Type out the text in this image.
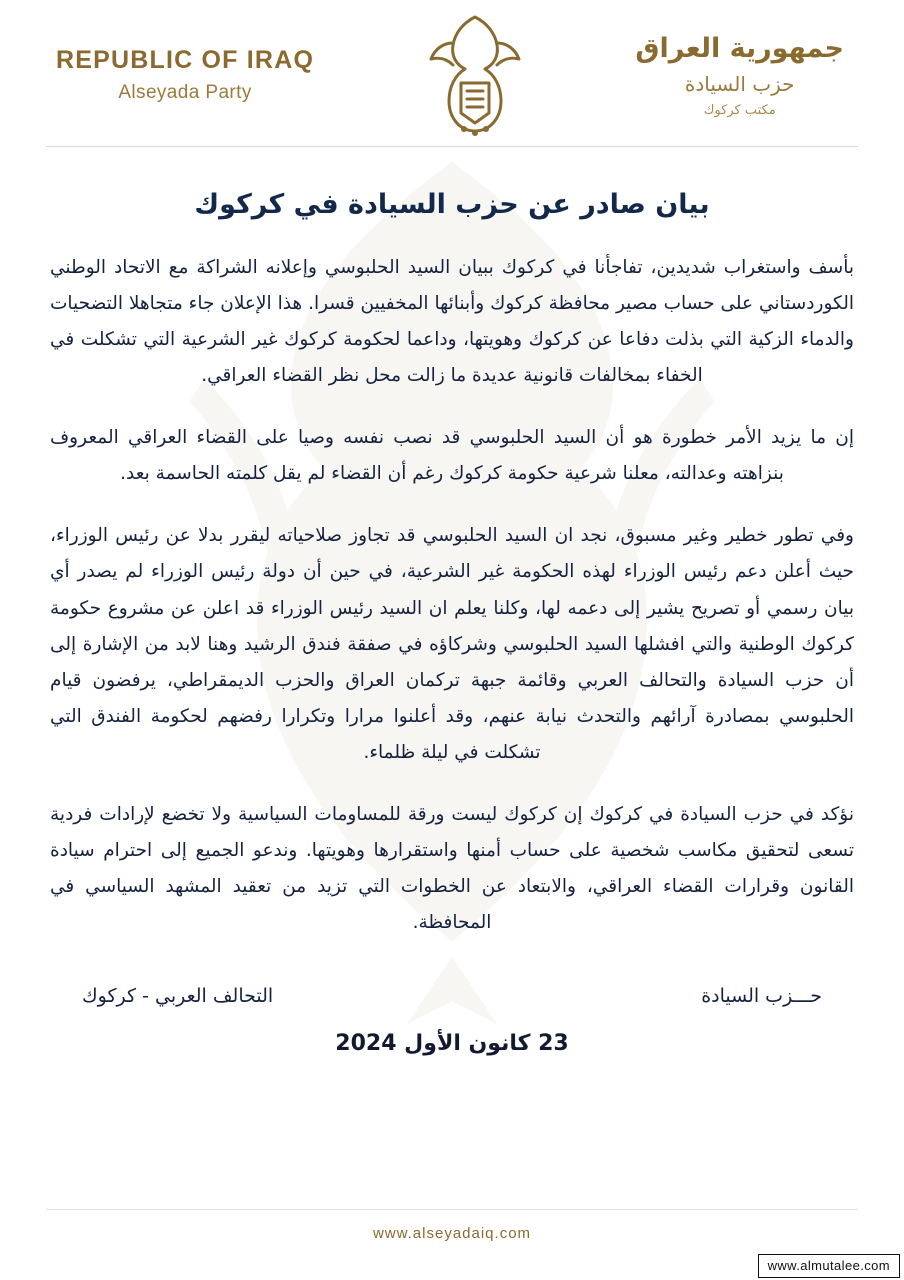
REPUBLIC OF IRAQ
Alseyada Party
جمهورية العراق
حزب السيادة
مكتب كركوك
بيان صادر عن حزب السيادة في كركوك

بأسف واستغراب شديدين، تفاجأنا في كركوك ببيان السيد الحلبوسي وإعلانه الشراكة مع الاتحاد الوطني الكوردستاني على حساب مصير محافظة كركوك وأبنائها المخفيين قسرا. هذا الإعلان جاء متجاهلا التضحيات والدماء الزكية التي بذلت دفاعا عن كركوك وهويتها، وداعما لحكومة كركوك غير الشرعية التي تشكلت في الخفاء بمخالفات قانونية عديدة ما زالت محل نظر القضاء العراقي.

إن ما يزيد الأمر خطورة هو أن السيد الحلبوسي قد نصب نفسه وصيا على القضاء العراقي المعروف بنزاهته وعدالته، معلنا شرعية حكومة كركوك رغم أن القضاء لم يقل كلمته الحاسمة بعد.

وفي تطور خطير وغير مسبوق، نجد ان السيد الحلبوسي قد تجاوز صلاحياته ليقرر بدلا عن رئيس الوزراء، حيث أعلن دعم رئيس الوزراء لهذه الحكومة غير الشرعية، في حين أن دولة رئيس الوزراء لم يصدر أي بيان رسمي أو تصريح يشير إلى دعمه لها، وكلنا يعلم ان السيد رئيس الوزراء قد اعلن عن مشروع حكومة كركوك الوطنية والتي افشلها السيد الحلبوسي وشركاؤه في صفقة فندق الرشيد وهنا لابد من الإشارة إلى أن حزب السيادة والتحالف العربي وقائمة جبهة تركمان العراق والحزب الديمقراطي، يرفضون قيام الحلبوسي بمصادرة آرائهم والتحدث نيابة عنهم، وقد أعلنوا مرارا وتكرارا رفضهم لحكومة الفندق التي تشكلت في ليلة ظلماء.

نؤكد في حزب السيادة في كركوك إن كركوك ليست ورقة للمساومات السياسية ولا تخضع لإرادات فردية تسعى لتحقيق مكاسب شخصية على حساب أمنها واستقرارها وهويتها. وندعو الجميع إلى احترام سيادة القانون وقرارات القضاء العراقي، والابتعاد عن الخطوات التي تزيد من تعقيد المشهد السياسي في المحافظة.

حـــزب السيادة
التحالف العربي - كركوك
23 كانون الأول 2024
www.alseyadaiq.com
www.almutalee.com
